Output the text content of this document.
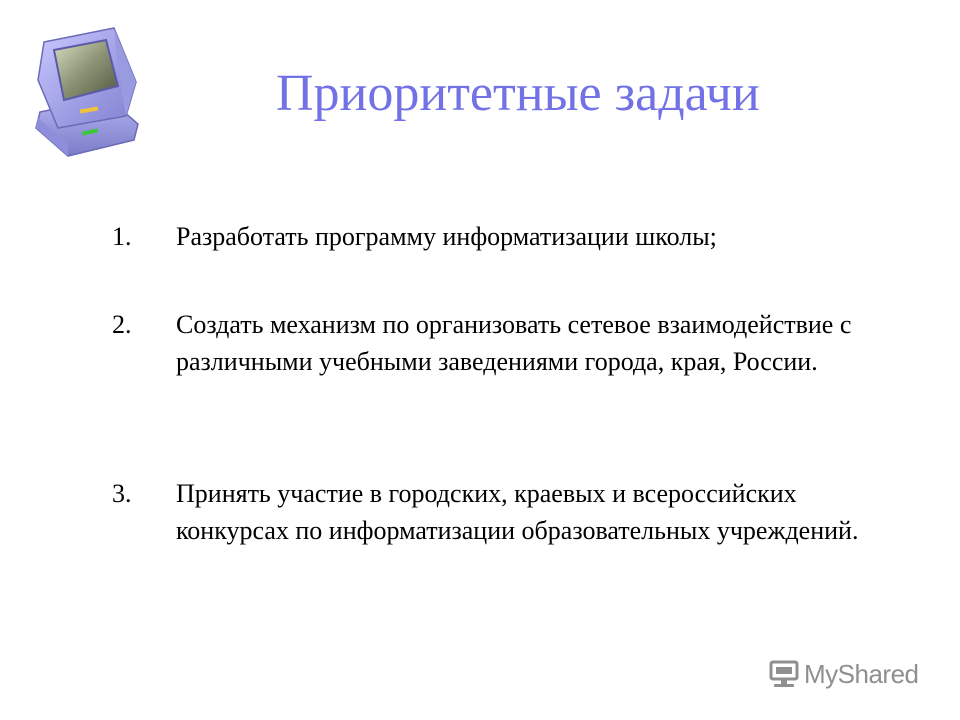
Приоритетные задачи
1.	Разработать программу информатизации школы;
2.	Создать механизм по организовать сетевое взаимодействие с различными учебными заведениями города, края, России.
3.	Принять участие в городских, краевых и всероссийских конкурсах по информатизации образовательных учреждений.
MyShared
